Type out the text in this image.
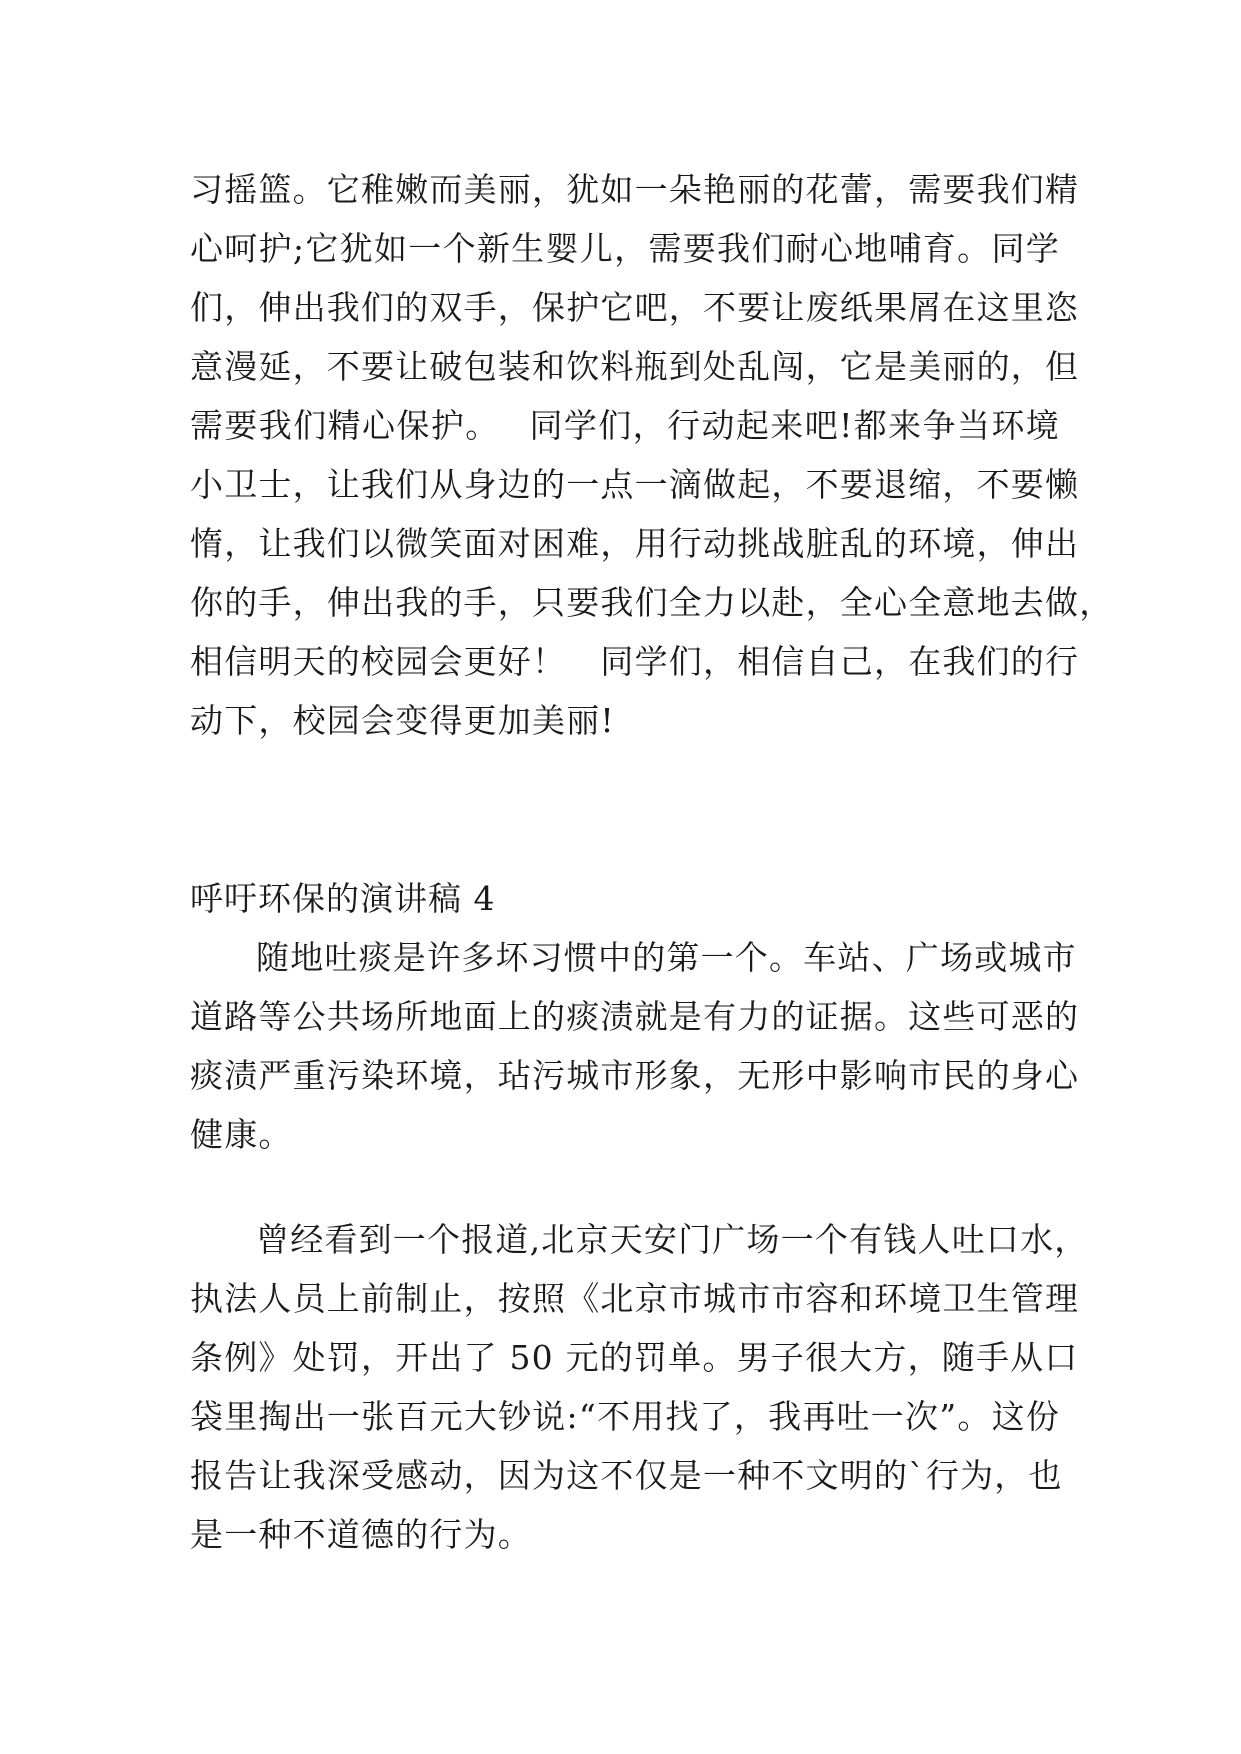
习摇篮。它稚嫩而美丽，犹如一朵艳丽的花蕾，需要我们精
心呵护;它犹如一个新生婴儿，需要我们耐心地哺育。同学
们，伸出我们的双手，保护它吧，不要让废纸果屑在这里恣
意漫延，不要让破包装和饮料瓶到处乱闯，它是美丽的，但
需要我们精心保护。　 同学们，行动起来吧!都来争当环境
小卫士，让我们从身边的一点一滴做起，不要退缩，不要懒
惰，让我们以微笑面对困难，用行动挑战脏乱的环境，伸出
你的手，伸出我的手，只要我们全力以赴，全心全意地去做，
相信明天的校园会更好！　同学们，相信自己，在我们的行
动下，校园会变得更加美丽!
呼吁环保的演讲稿 4
随地吐痰是许多坏习惯中的第一个。车站、广场或城市
道路等公共场所地面上的痰渍就是有力的证据。这些可恶的
痰渍严重污染环境，玷污城市形象，无形中影响市民的身心
健康。
曾经看到一个报道,北京天安门广场一个有钱人吐口水，
执法人员上前制止，按照《北京市城市市容和环境卫生管理
条例》处罚，开出了 50 元的罚单。男子很大方，随手从口
袋里掏出一张百元大钞说:“不用找了，我再吐一次”。这份
报告让我深受感动，因为这不仅是一种不文明的`行为，也
是一种不道德的行为。
